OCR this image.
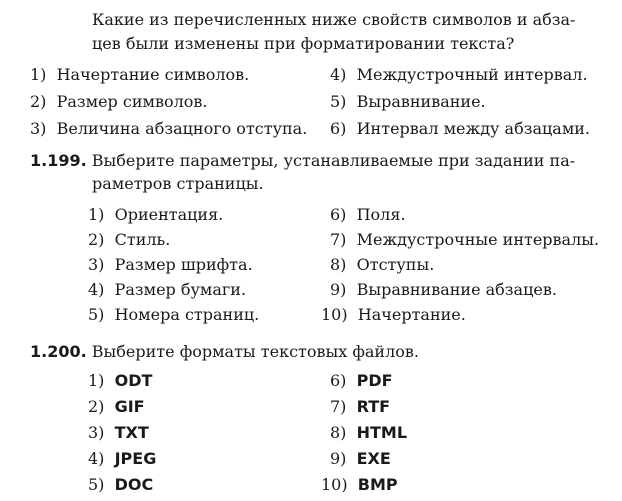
Какие из перечисленных ниже свойств символов и абза-
цев были изменены при форматировании текста?
1) Начертание символов.
2) Размер символов.
3) Величина абзацного отступа.
4) Междустрочный интервал.
5) Выравнивание.
6) Интервал между абзацами.
1.199. Выберите параметры, устанавливаемые при задании па-
раметров страницы.
1) Ориентация.
2) Стиль.
3) Размер шрифта.
4) Размер бумаги.
5) Номера страниц.
6) Поля.
7) Междустрочные интервалы.
8) Отступы.
9) Выравнивание абзацев.
10) Начертание.
1.200. Выберите форматы текстовых файлов.
1) ODT
2) GIF
3) TXT
4) JPEG
5) DOC
6) PDF
7) RTF
8) HTML
9) EXE
10) BMP
